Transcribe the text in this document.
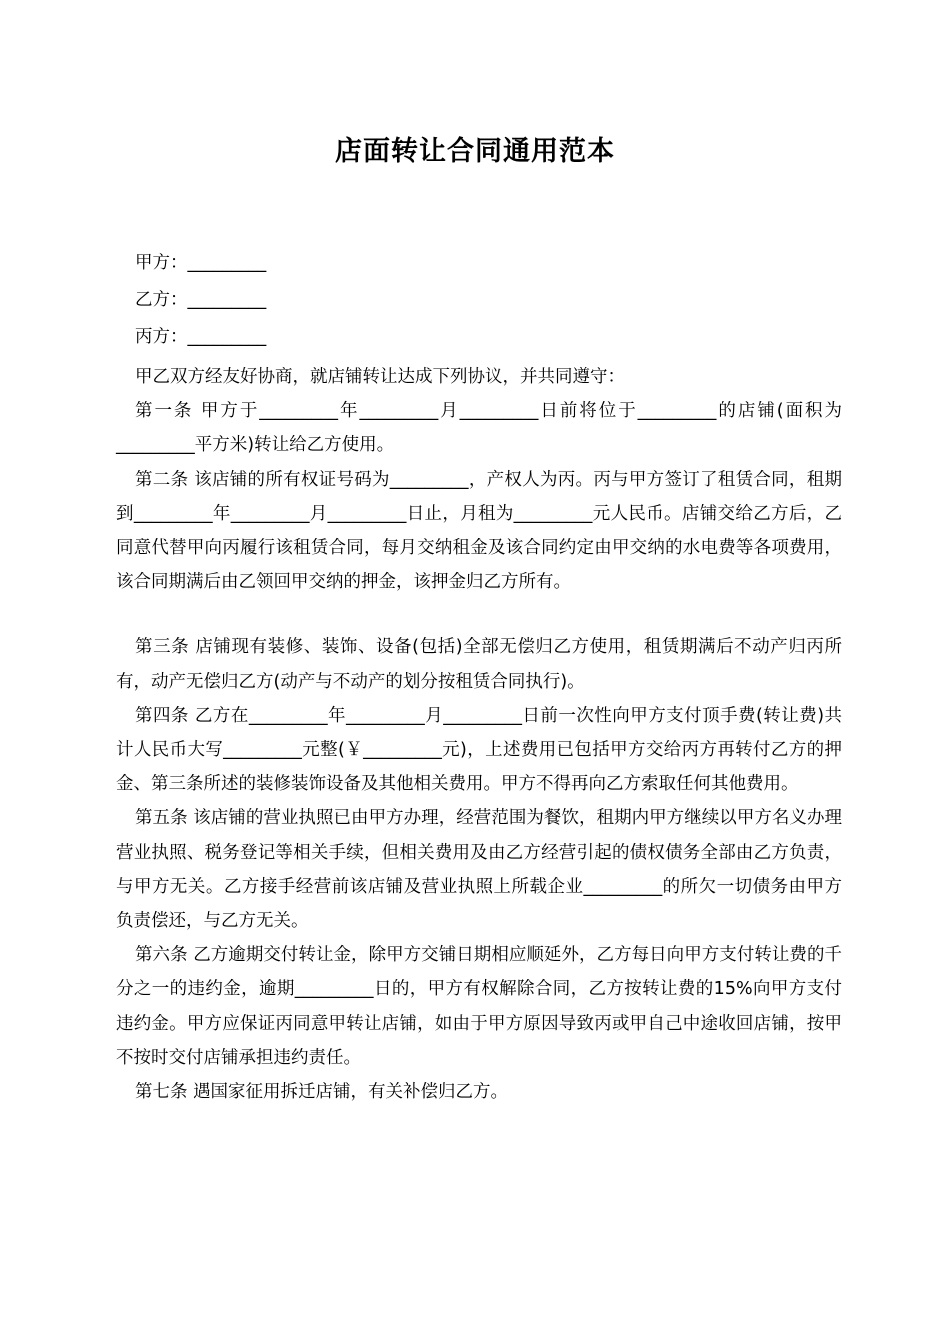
店面转让合同通用范本
甲方：_________
乙方：_________
丙方：_________

甲乙双方经友好协商，就店铺转让达成下列协议，并共同遵守：

第一条 甲方于_________年_________月_________日前将位于_________的店铺(面积为_________平方米)转让给乙方使用。

第二条 该店铺的所有权证号码为_________，产权人为丙。丙与甲方签订了租赁合同，租期到_________年_________月_________日止，月租为_________元人民币。店铺交给乙方后，乙同意代替甲向丙履行该租赁合同，每月交纳租金及该合同约定由甲交纳的水电费等各项费用，该合同期满后由乙领回甲交纳的押金，该押金归乙方所有。

第三条 店铺现有装修、装饰、设备(包括)全部无偿归乙方使用，租赁期满后不动产归丙所有，动产无偿归乙方(动产与不动产的划分按租赁合同执行)。

第四条 乙方在_________年_________月_________日前一次性向甲方支付顶手费(转让费)共计人民币大写_________元整(￥_________元)，上述费用已包括甲方交给丙方再转付乙方的押金、第三条所述的装修装饰设备及其他相关费用。甲方不得再向乙方索取任何其他费用。

第五条 该店铺的营业执照已由甲方办理，经营范围为餐饮，租期内甲方继续以甲方名义办理营业执照、税务登记等相关手续，但相关费用及由乙方经营引起的债权债务全部由乙方负责，与甲方无关。乙方接手经营前该店铺及营业执照上所载企业_________的所欠一切债务由甲方负责偿还，与乙方无关。

第六条 乙方逾期交付转让金，除甲方交铺日期相应顺延外，乙方每日向甲方支付转让费的千分之一的违约金，逾期_________日的，甲方有权解除合同，乙方按转让费的15%向甲方支付违约金。甲方应保证丙同意甲转让店铺，如由于甲方原因导致丙或甲自己中途收回店铺，按甲不按时交付店铺承担违约责任。

第七条 遇国家征用拆迁店铺，有关补偿归乙方。
